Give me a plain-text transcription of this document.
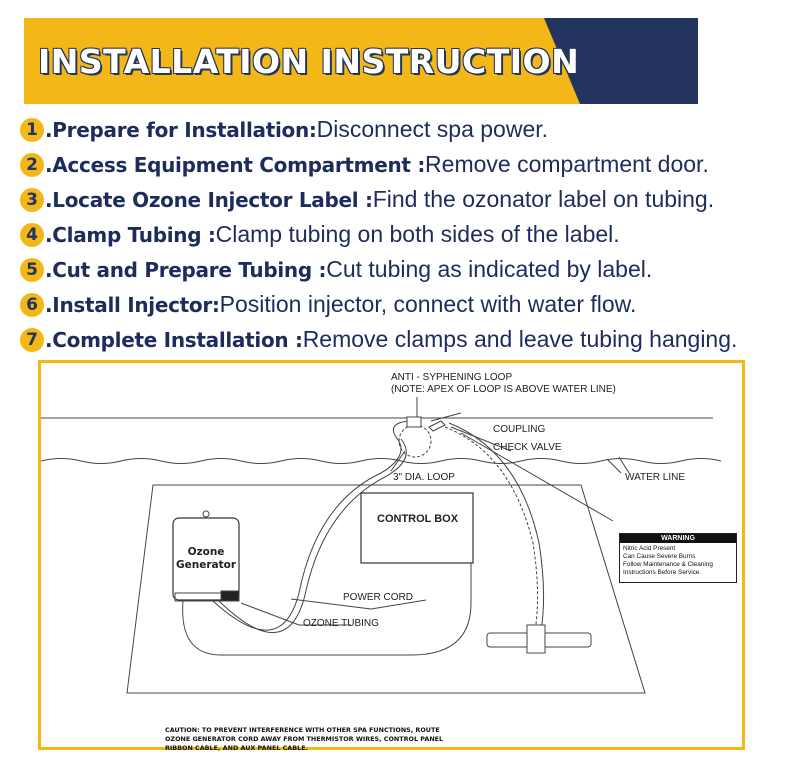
INSTALLATION INSTRUCTION
1 .Prepare for Installation: Disconnect spa power.
2 .Access Equipment Compartment : Remove compartment door.
3 .Locate Ozone Injector Label : Find the ozonator label on tubing.
4 .Clamp Tubing : Clamp tubing on both sides of the label.
5 .Cut and Prepare Tubing : Cut tubing as indicated by label.
6 .Install Injector: Position injector, connect with water flow.
7 .Complete Installation : Remove clamps and leave tubing hanging.
ANTI - SYPHENING LOOP
(NOTE: APEX OF LOOP IS ABOVE WATER LINE)
COUPLING
CHECK VALVE
WATER LINE
3" DIA. LOOP
CONTROL BOX
Ozone
Generator
POWER CORD
OZONE TUBING
WARNING
Nitric Acid Present
Can Cause Severe Burns
Follow Maintenance & Cleaning
Instructions Before Service.
CAUTION: TO PREVENT INTERFERENCE WITH OTHER SPA FUNCTIONS, ROUTE
OZONE GENERATOR CORD AWAY FROM THERMISTOR WIRES, CONTROL PANEL
RIBBON CABLE, AND AUX PANEL CABLE.
